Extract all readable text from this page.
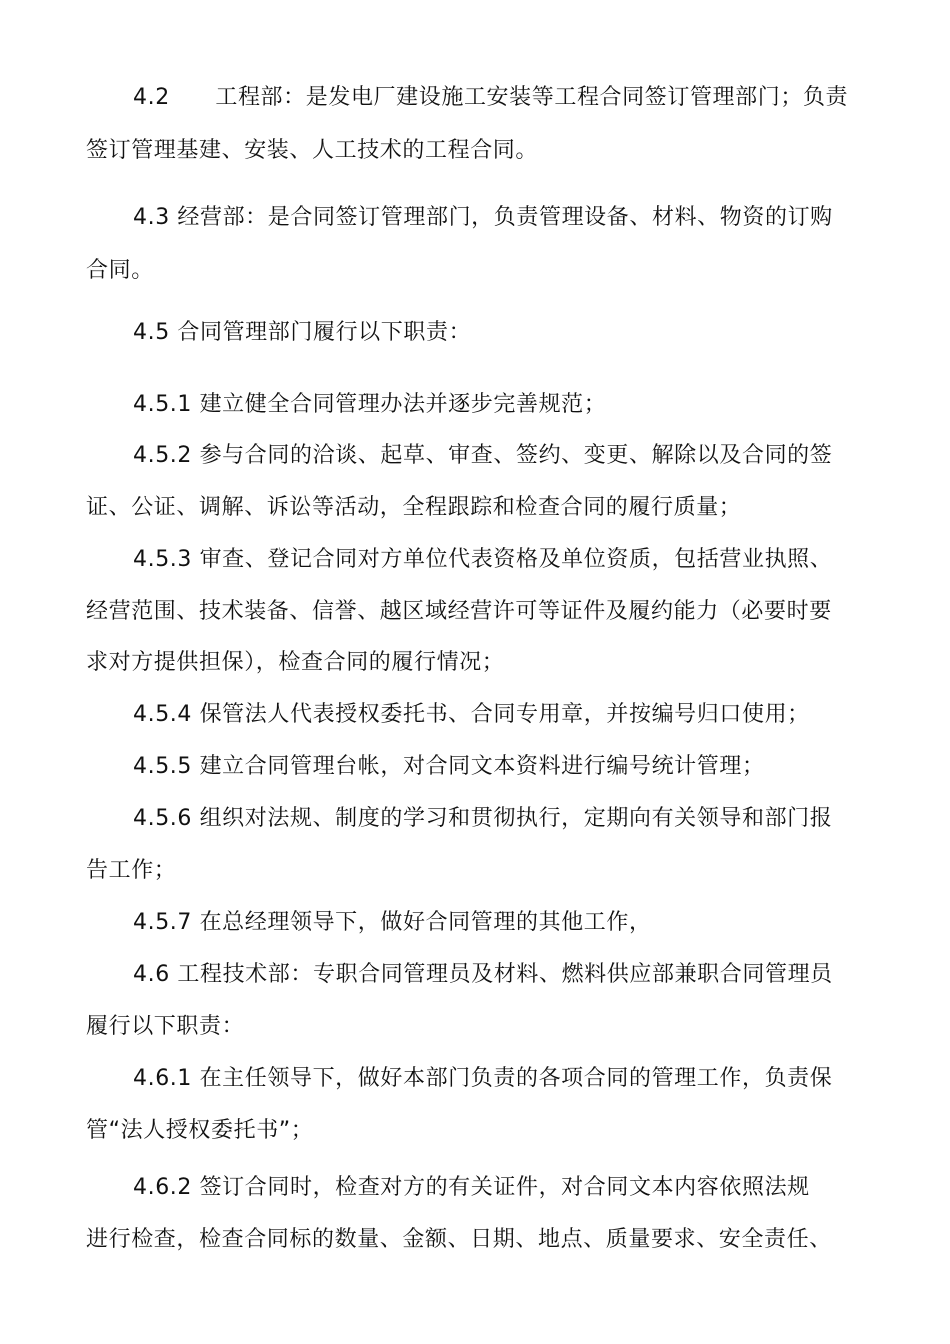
4.2      工程部：是发电厂建设施工安装等工程合同签订管理部门；负责
签订管理基建、安装、人工技术的工程合同。
4.3 经营部：是合同签订管理部门，负责管理设备、材料、物资的订购
合同。
4.5 合同管理部门履行以下职责：
4.5.1 建立健全合同管理办法并逐步完善规范；
4.5.2 参与合同的洽谈、起草、审查、签约、变更、解除以及合同的签
证、公证、调解、诉讼等活动，全程跟踪和检查合同的履行质量；
4.5.3 审查、登记合同对方单位代表资格及单位资质，包括营业执照、
经营范围、技术装备、信誉、越区域经营许可等证件及履约能力（必要时要
求对方提供担保），检查合同的履行情况；
4.5.4 保管法人代表授权委托书、合同专用章，并按编号归口使用；
4.5.5 建立合同管理台帐，对合同文本资料进行编号统计管理；
4.5.6 组织对法规、制度的学习和贯彻执行，定期向有关领导和部门报
告工作；
4.5.7 在总经理领导下，做好合同管理的其他工作，
4.6 工程技术部：专职合同管理员及材料、燃料供应部兼职合同管理员
履行以下职责：
4.6.1 在主任领导下，做好本部门负责的各项合同的管理工作，负责保
管“法人授权委托书”；
4.6.2 签订合同时，检查对方的有关证件，对合同文本内容依照法规
进行检查，检查合同标的数量、金额、日期、地点、质量要求、安全责任、
